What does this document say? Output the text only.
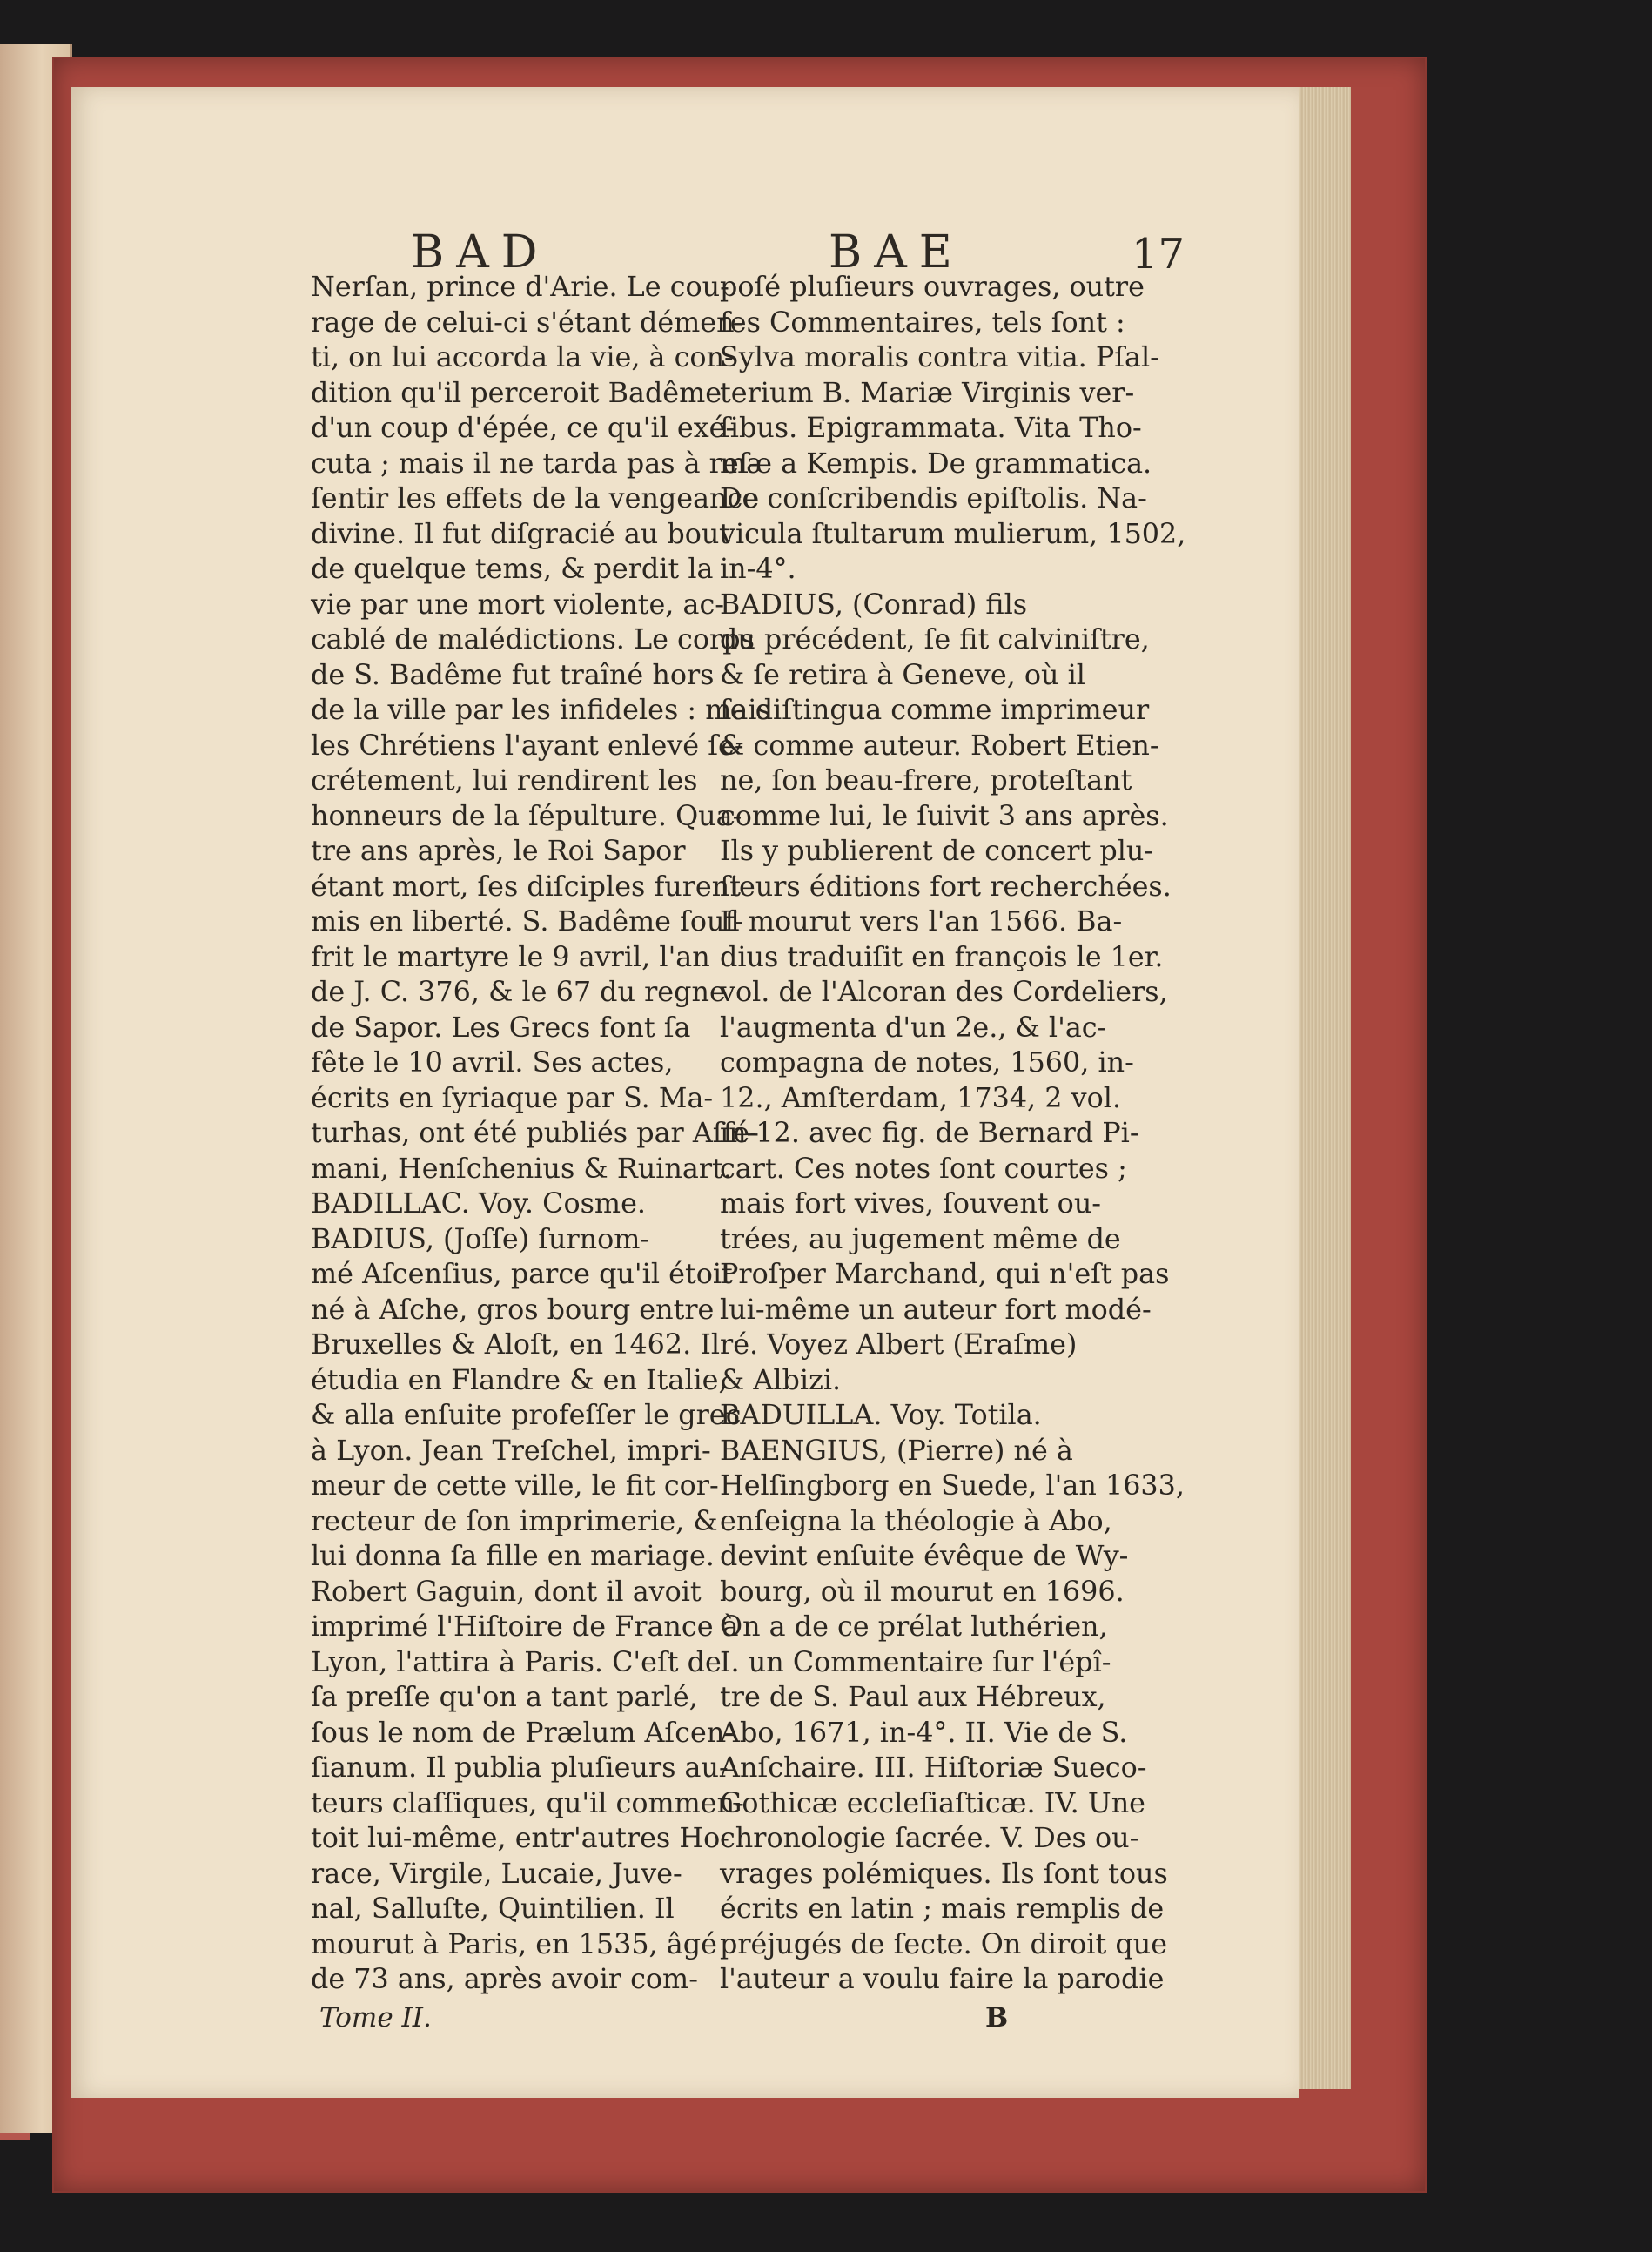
BAD	BAE	17
Nerſan, prince d'Arie. Le cou-
rage de celui-ci s'étant démen-
ti, on lui accorda la vie, à con-
dition qu'il perceroit Badême
d'un coup d'épée, ce qu'il exé-
cuta ; mais il ne tarda pas à reſ-
ſentir les effets de la vengeance
divine. Il fut diſgracié au bout
de quelque tems, & perdit la
vie par une mort violente, ac-
cablé de malédictions. Le corps
de S. Badême fut traîné hors
de la ville par les infideles : mais
les Chrétiens l'ayant enlevé ſe-
crétement, lui rendirent les
honneurs de la ſépulture. Qua-
tre ans après, le Roi Sapor
étant mort, ſes diſciples furent
mis en liberté. S. Badême ſouf-
frit le martyre le 9 avril, l'an
de J. C. 376, & le 67 du regne
de Sapor. Les Grecs font ſa
fête le 10 avril. Ses actes,
écrits en ſyriaque par S. Ma-
turhas, ont été publiés par Aſſé-
mani, Henſchenius & Ruinart.
BADILLAC. Voy. Cosme.
BADIUS, (Joſſe) ſurnom-
mé Aſcenſius, parce qu'il étoit
né à Aſche, gros bourg entre
Bruxelles & Aloſt, en 1462. Il
étudia en Flandre & en Italie,
& alla enſuite profeſſer le grec
à Lyon. Jean Treſchel, impri-
meur de cette ville, le fit cor-
recteur de ſon imprimerie, &
lui donna ſa fille en mariage.
Robert Gaguin, dont il avoit
imprimé l'Hiſtoire de France à
Lyon, l'attira à Paris. C'eſt de
ſa preſſe qu'on a tant parlé,
ſous le nom de Prælum Aſcen-
ſianum. Il publia pluſieurs au-
teurs claſſiques, qu'il commen-
toit lui-même, entr'autres Ho-
race, Virgile, Lucaie, Juve-
nal, Salluſte, Quintilien. Il
mourut à Paris, en 1535, âgé
de 73 ans, après avoir com-
poſé pluſieurs ouvrages, outre
ſes Commentaires, tels ſont :
Sylva moralis contra vitia. Pſal-
terium B. Mariæ Virginis ver-
ſibus. Epigrammata. Vita Tho-
mæ a Kempis. De grammatica.
De conſcribendis epiſtolis. Na-
vicula ſtultarum mulierum, 1502,
in-4°.
BADIUS, (Conrad) fils
du précédent, ſe fit calviniſtre,
& ſe retira à Geneve, où il
ſe diſtingua comme imprimeur
& comme auteur. Robert Etien-
ne, ſon beau-frere, proteſtant
comme lui, le ſuivit 3 ans après.
Ils y publierent de concert plu-
ſieurs éditions fort recherchées.
Il mourut vers l'an 1566. Ba-
dius traduiſit en françois le 1er.
vol. de l'Alcoran des Cordeliers,
l'augmenta d'un 2e., & l'ac-
compagna de notes, 1560, in-
12., Amſterdam, 1734, 2 vol.
in-12. avec fig. de Bernard Pi-
cart. Ces notes ſont courtes ;
mais fort vives, ſouvent ou-
trées, au jugement même de
Proſper Marchand, qui n'eſt pas
lui-même un auteur fort modé-
ré. Voyez Albert (Eraſme)
& Albizi.
BADUILLA. Voy. Totila.
BAENGIUS, (Pierre) né à
Helſingborg en Suede, l'an 1633,
enſeigna la théologie à Abo,
devint enſuite évêque de Wy-
bourg, où il mourut en 1696.
On a de ce prélat luthérien,
I. un Commentaire ſur l'épî-
tre de S. Paul aux Hébreux,
Abo, 1671, in-4°. II. Vie de S.
Anſchaire. III. Hiſtoriæ Sueco-
Gothicæ eccleſiaſticæ. IV. Une
chronologie ſacrée. V. Des ou-
vrages polémiques. Ils ſont tous
écrits en latin ; mais remplis de
préjugés de ſecte. On diroit que
l'auteur a voulu faire la parodie
Tome II.	B
